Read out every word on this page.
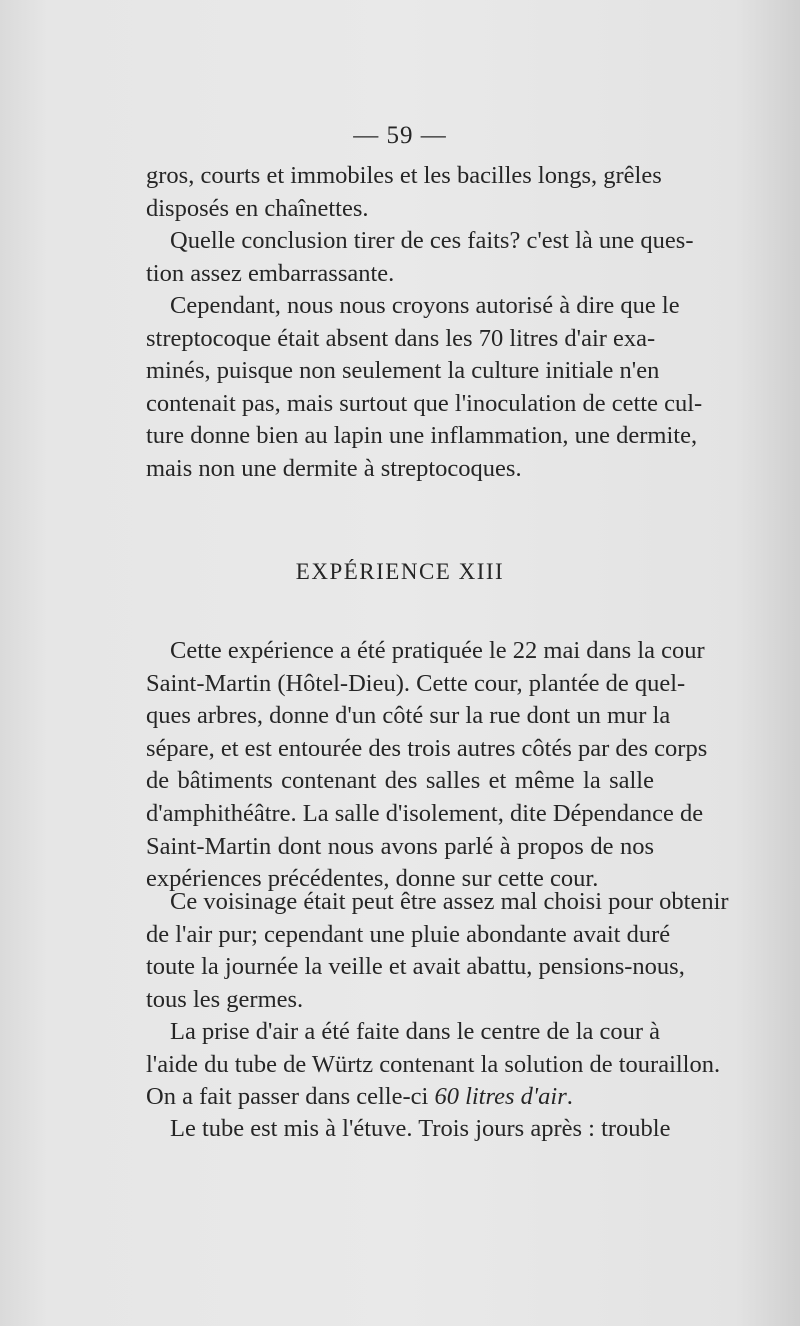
— 59 —
gros, courts et immobiles et les bacilles longs, grêles
disposés en chaînettes.
Quelle conclusion tirer de ces faits? c'est là une ques-
tion assez embarrassante.
Cependant, nous nous croyons autorisé à dire que le
streptocoque était absent dans les 70 litres d'air exa-
minés, puisque non seulement la culture initiale n'en
contenait pas, mais surtout que l'inoculation de cette cul-
ture donne bien au lapin une inflammation, une dermite,
mais non une dermite à streptocoques.
EXPÉRIENCE XIII
Cette expérience a été pratiquée le 22 mai dans la cour
Saint-Martin (Hôtel-Dieu). Cette cour, plantée de quel-
ques arbres, donne d'un côté sur la rue dont un mur la
sépare, et est entourée des trois autres côtés par des corps
de bâtiments contenant des salles et même la salle
d'amphithéâtre. La salle d'isolement, dite Dépendance de
Saint-Martin dont nous avons parlé à propos de nos
expériences précédentes, donne sur cette cour.
Ce voisinage était peut être assez mal choisi pour obtenir
de l'air pur; cependant une pluie abondante avait duré
toute la journée la veille et avait abattu, pensions-nous,
tous les germes.
La prise d'air a été faite dans le centre de la cour à
l'aide du tube de Würtz contenant la solution de touraillon.
On a fait passer dans celle-ci 60 litres d'air.
Le tube est mis à l'étuve. Trois jours après : trouble
